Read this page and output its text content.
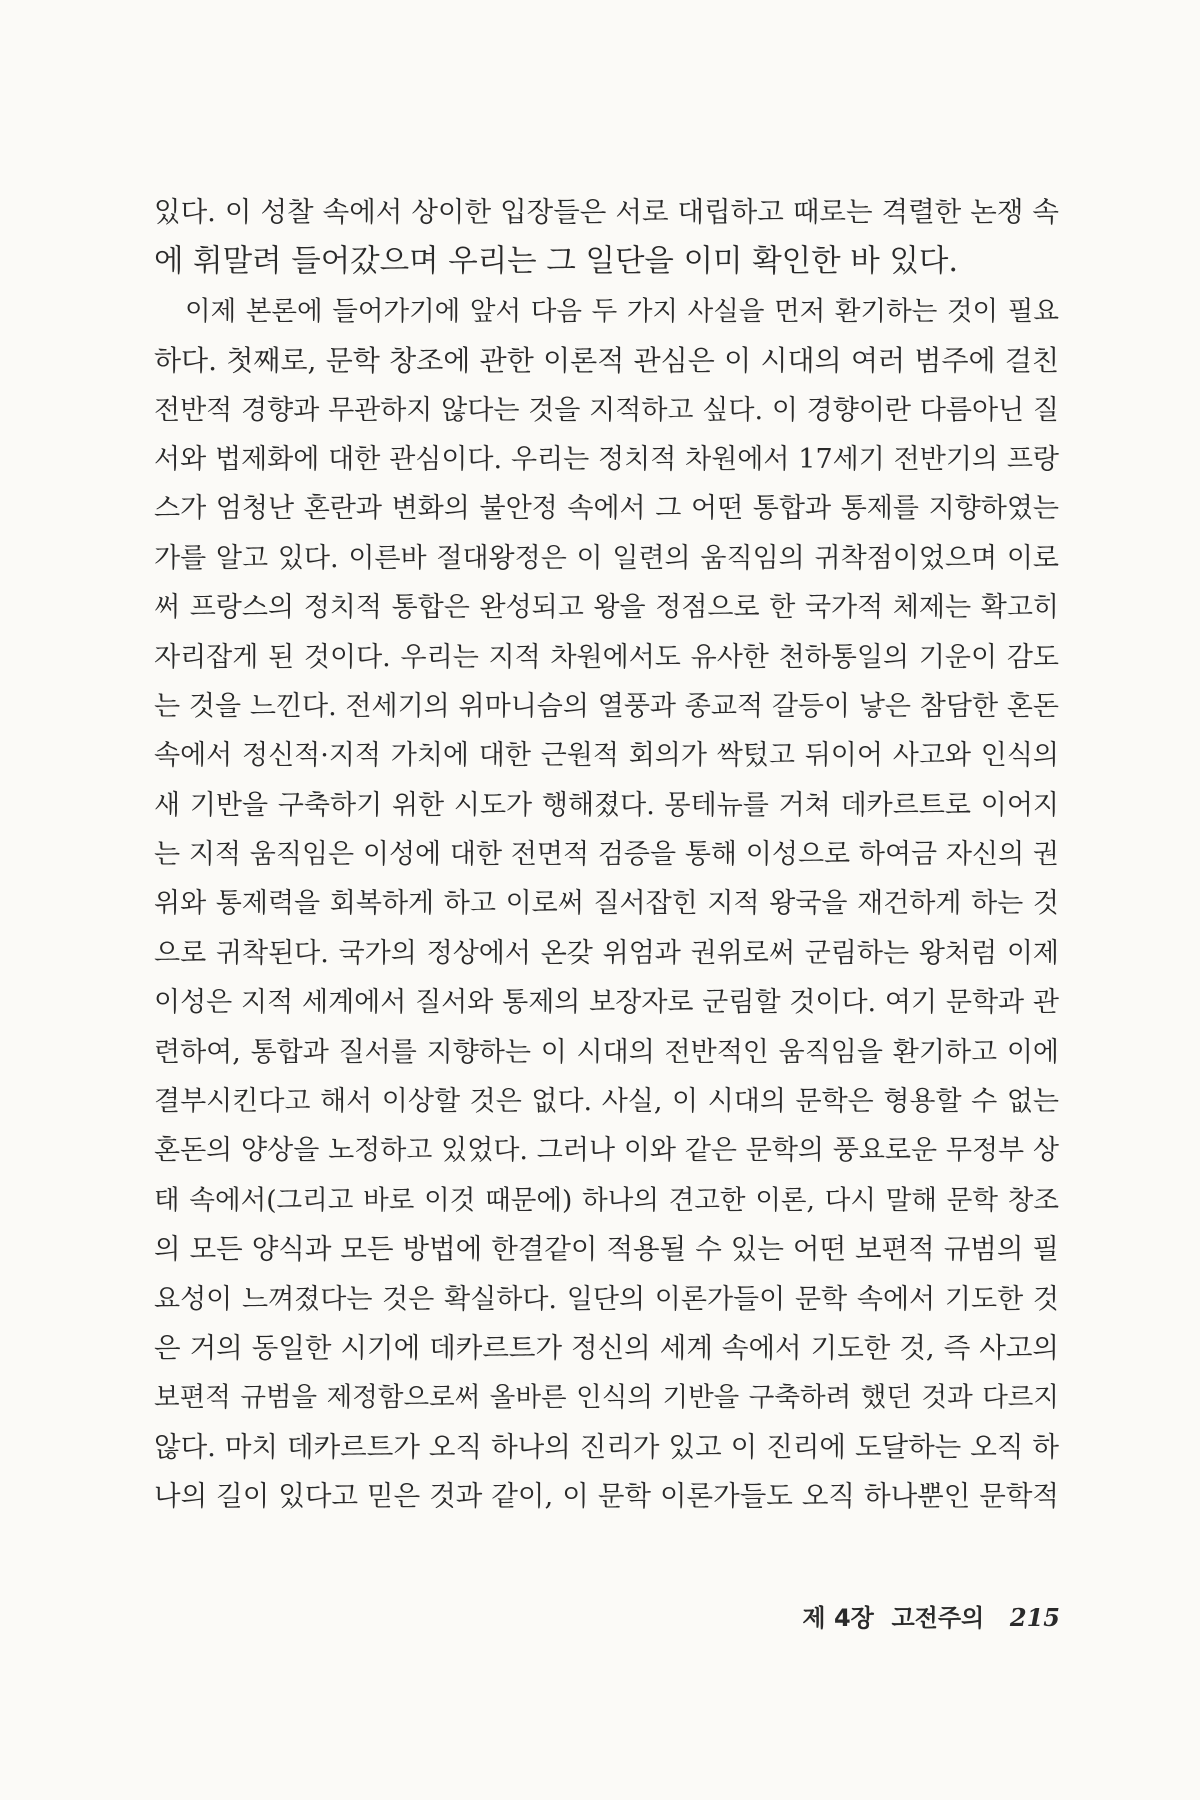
있다. 이 성찰 속에서 상이한 입장들은 서로 대립하고 때로는 격렬한 논쟁 속
에 휘말려 들어갔으며 우리는 그 일단을 이미 확인한 바 있다.
이제 본론에 들어가기에 앞서 다음 두 가지 사실을 먼저 환기하는 것이 필요
하다. 첫째로, 문학 창조에 관한 이론적 관심은 이 시대의 여러 범주에 걸친
전반적 경향과 무관하지 않다는 것을 지적하고 싶다. 이 경향이란 다름아닌 질
서와 법제화에 대한 관심이다. 우리는 정치적 차원에서 17세기 전반기의 프랑
스가 엄청난 혼란과 변화의 불안정 속에서 그 어떤 통합과 통제를 지향하였는
가를 알고 있다. 이른바 절대왕정은 이 일련의 움직임의 귀착점이었으며 이로
써 프랑스의 정치적 통합은 완성되고 왕을 정점으로 한 국가적 체제는 확고히
자리잡게 된 것이다. 우리는 지적 차원에서도 유사한 천하통일의 기운이 감도
는 것을 느낀다. 전세기의 위마니슴의 열풍과 종교적 갈등이 낳은 참담한 혼돈
속에서 정신적·지적 가치에 대한 근원적 회의가 싹텄고 뒤이어 사고와 인식의
새 기반을 구축하기 위한 시도가 행해졌다. 몽테뉴를 거쳐 데카르트로 이어지
는 지적 움직임은 이성에 대한 전면적 검증을 통해 이성으로 하여금 자신의 권
위와 통제력을 회복하게 하고 이로써 질서잡힌 지적 왕국을 재건하게 하는 것
으로 귀착된다. 국가의 정상에서 온갖 위엄과 권위로써 군림하는 왕처럼 이제
이성은 지적 세계에서 질서와 통제의 보장자로 군림할 것이다. 여기 문학과 관
련하여, 통합과 질서를 지향하는 이 시대의 전반적인 움직임을 환기하고 이에
결부시킨다고 해서 이상할 것은 없다. 사실, 이 시대의 문학은 형용할 수 없는
혼돈의 양상을 노정하고 있었다. 그러나 이와 같은 문학의 풍요로운 무정부 상
태 속에서(그리고 바로 이것 때문에) 하나의 견고한 이론, 다시 말해 문학 창조
의 모든 양식과 모든 방법에 한결같이 적용될 수 있는 어떤 보편적 규범의 필
요성이 느껴졌다는 것은 확실하다. 일단의 이론가들이 문학 속에서 기도한 것
은 거의 동일한 시기에 데카르트가 정신의 세계 속에서 기도한 것, 즉 사고의
보편적 규범을 제정함으로써 올바른 인식의 기반을 구축하려 했던 것과 다르지
않다. 마치 데카르트가 오직 하나의 진리가 있고 이 진리에 도달하는 오직 하
나의 길이 있다고 믿은 것과 같이, 이 문학 이론가들도 오직 하나뿐인 문학적
제 4장 고전주의 215
